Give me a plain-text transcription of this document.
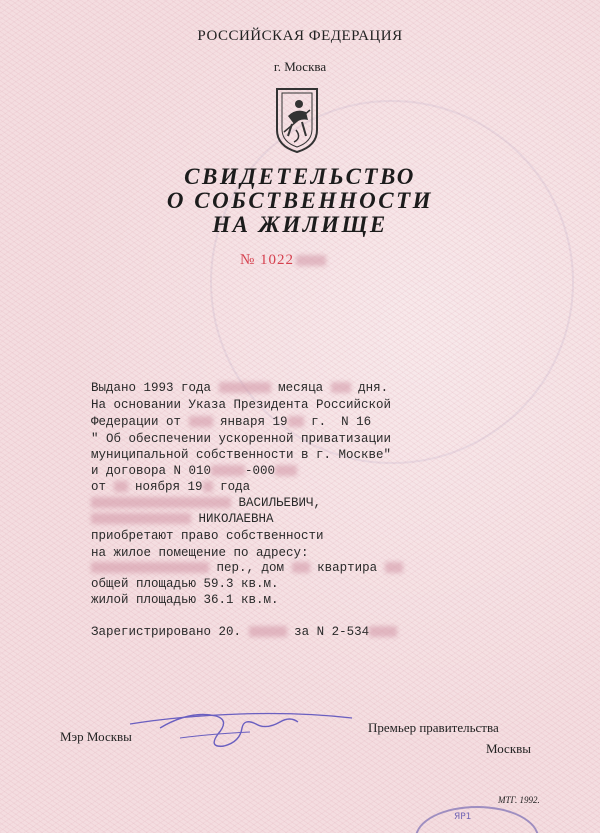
РОССИЙСКАЯ ФЕДЕРАЦИЯ
г. Москва
СВИДЕТЕЛЬСТВО
О СОБСТВЕННОСТИ
НА ЖИЛИЩЕ
№ 1022
Выдано 1993 года	месяца	дня.
На основании Указа Президента Российской
Федерации от	января 19 г.  N 16
" Об обеспечении ускоренной приватизации
муниципальной собственности в г. Москве"
и договора N 010	-000
от ноября 19 года
ВАСИЛЬЕВИЧ,
НИКОЛАЕВНА
приобретают право собственности
на жилое помещение по адресу:
пер., дом	квартира
общей площадью 59.3 кв.м.
жилой площадью 36.1 кв.м.
Зарегистрировано 20.	за N 2-534
Мэр Москвы
Премьер правительства
Москвы
МТГ. 1992.
ЯР1
